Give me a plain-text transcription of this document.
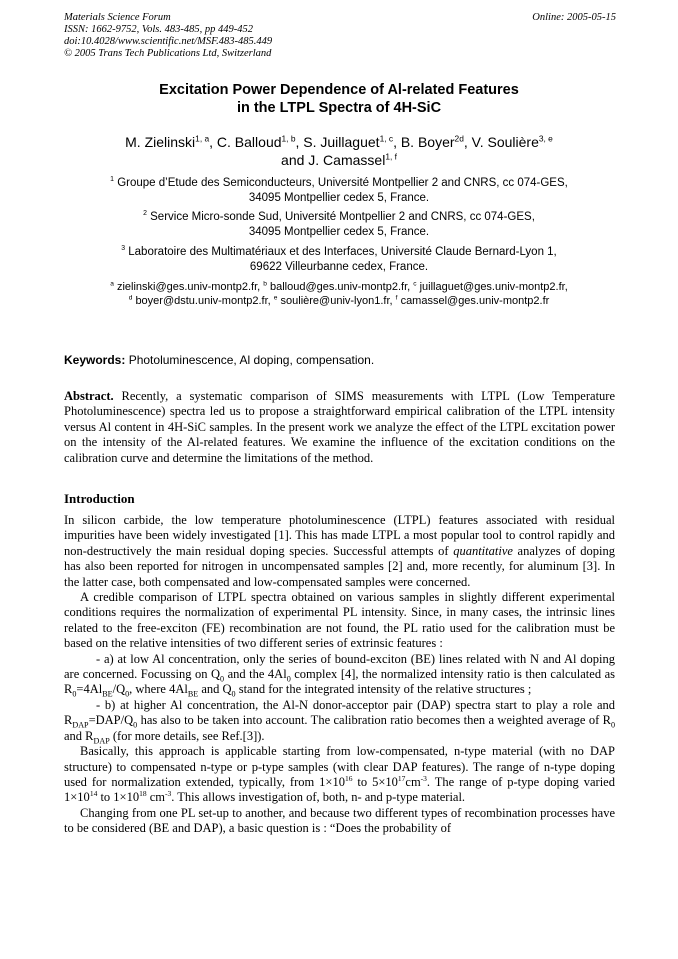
Materials Science Forum
ISSN: 1662-9752, Vols. 483-485, pp 449-452
doi:10.4028/www.scientific.net/MSF.483-485.449
© 2005 Trans Tech Publications Ltd, Switzerland
Online: 2005-05-15
Excitation Power Dependence of Al-related Features
in the LTPL Spectra of 4H-SiC
M. Zielinski$^{1, a}$, C. Balloud$^{1, b}$, S. Juillaguet$^{1, c}$, B. Boyer$^{2d}$, V. Soulière$^{3, e}$
and J. Camassel$^{1, f}$
$^1$ Groupe d’Etude des Semiconducteurs, Université Montpellier 2 and CNRS, cc 074-GES,
34095 Montpellier cedex 5, France.
$^2$ Service Micro-sonde Sud, Université Montpellier 2 and CNRS, cc 074-GES,
34095 Montpellier cedex 5, France.
$^3$ Laboratoire des Multimatériaux et des Interfaces, Université Claude Bernard-Lyon 1,
69622 Villeurbanne cedex, France.
$^a$ zielinski@ges.univ-montp2.fr, $^b$ balloud@ges.univ-montp2.fr, $^c$ juillaguet@ges.univ-montp2.fr,
$^d$ boyer@dstu.univ-montp2.fr, $^e$ soulière@univ-lyon1.fr, $^f$ camassel@ges.univ-montp2.fr
Keywords: Photoluminescence, Al doping, compensation.
Abstract. Recently, a systematic comparison of SIMS measurements with LTPL (Low Temperature Photoluminescence) spectra led us to propose a straightforward empirical calibration of the LTPL intensity versus Al content in 4H-SiC samples. In the present work we analyze the effect of the LTPL excitation power on the intensity of the Al-related features. We examine the influence of the excitation conditions on the calibration curve and determine the limitations of the method.
Introduction

In silicon carbide, the low temperature photoluminescence (LTPL) features associated with residual impurities have been widely investigated [1]. This has made LTPL a most popular tool to control rapidly and non-destructively the main residual doping species. Successful attempts of quantitative analyzes of doping has also been reported for nitrogen in uncompensated samples [2] and, more recently, for aluminum [3]. In the latter case, both compensated and low-compensated samples were concerned.

A credible comparison of LTPL spectra obtained on various samples in slightly different experimental conditions requires the normalization of experimental PL intensity. Since, in many cases, the intrinsic lines related to the free-exciton (FE) recombination are not found, the PL ratio used for the calibration must be based on the relative intensities of two different series of extrinsic features :

- a) at low Al concentration, only the series of bound-exciton (BE) lines related with N and Al doping are concerned. Focussing on $Q_0$ and the $4Al_0$ complex [4], the normalized intensity ratio is then calculated as $R_0=4Al_{BE}/Q_0$, where $4Al_{BE}$ and $Q_0$ stand for the integrated intensity of the relative structures ;

- b) at higher Al concentration, the Al-N donor-acceptor pair (DAP) spectra start to play a role and $R_{DAP}=DAP/Q_0$ has also to be taken into account. The calibration ratio becomes then a weighted average of $R_0$ and $R_{DAP}$ (for more details, see Ref.[3]).

Basically, this approach is applicable starting from low-compensated, n-type material (with no DAP structure) to compensated n-type or p-type samples (with clear DAP features). The range of n-type doping used for normalization extended, typically, from $1\times 10^{16}$ to $5\times 10^{17}cm^{-3}$. The range of p-type doping varied $1\times 10^{14}$ to $1\times 10^{18}$ $cm^{-3}$. This allows investigation of, both, n- and p-type material.

Changing from one PL set-up to another, and because two different types of recombination processes have to be considered (BE and DAP), a basic question is : “Does the probability of
